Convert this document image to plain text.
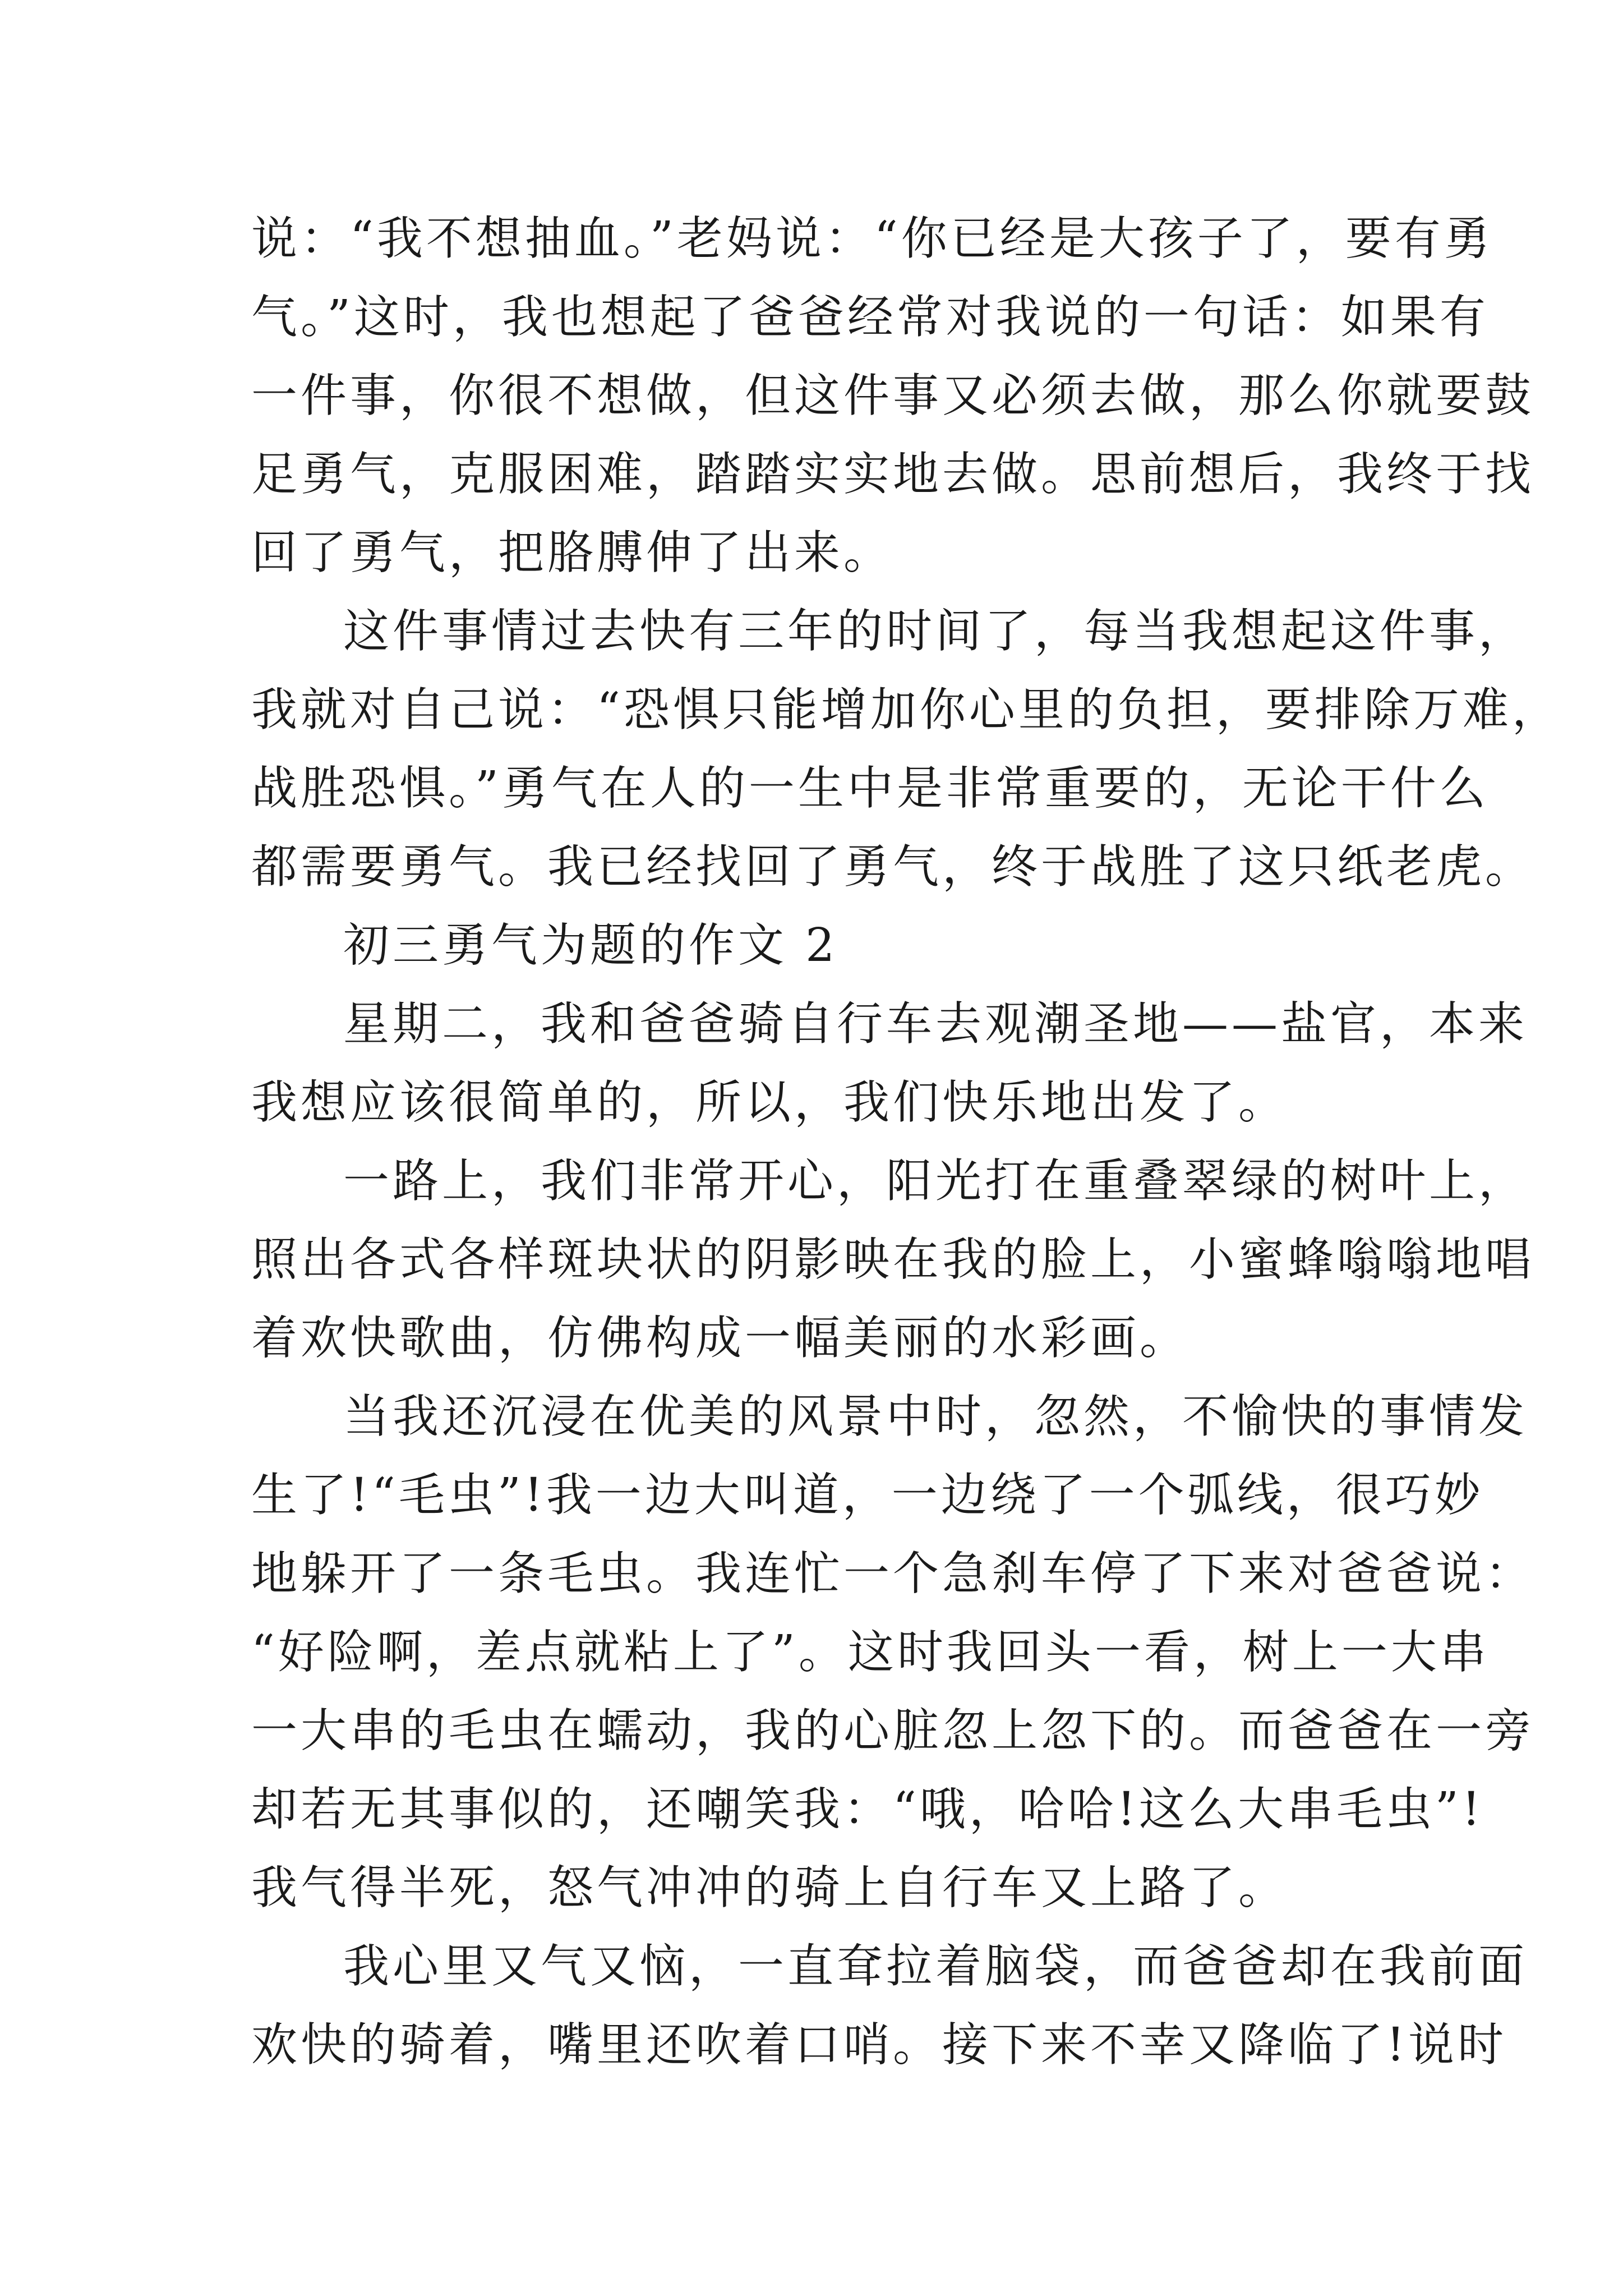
说：“我不想抽血。”老妈说：“你已经是大孩子了，要有勇
气。”这时，我也想起了爸爸经常对我说的一句话：如果有
一件事，你很不想做，但这件事又必须去做，那么你就要鼓
足勇气，克服困难，踏踏实实地去做。思前想后，我终于找
回了勇气，把胳膊伸了出来。
这件事情过去快有三年的时间了，每当我想起这件事，
我就对自己说：“恐惧只能增加你心里的负担，要排除万难，
战胜恐惧。”勇气在人的一生中是非常重要的，无论干什么
都需要勇气。我已经找回了勇气，终于战胜了这只纸老虎。
初三勇气为题的作文 2
星期二，我和爸爸骑自行车去观潮圣地——盐官，本来
我想应该很简单的，所以，我们快乐地出发了。
一路上，我们非常开心，阳光打在重叠翠绿的树叶上，
照出各式各样斑块状的阴影映在我的脸上，小蜜蜂嗡嗡地唱
着欢快歌曲，仿佛构成一幅美丽的水彩画。
当我还沉浸在优美的风景中时，忽然，不愉快的事情发
生了!“毛虫”!我一边大叫道，一边绕了一个弧线，很巧妙
地躲开了一条毛虫。我连忙一个急刹车停了下来对爸爸说：
“好险啊，差点就粘上了”。这时我回头一看，树上一大串
一大串的毛虫在蠕动，我的心脏忽上忽下的。而爸爸在一旁
却若无其事似的，还嘲笑我：“哦，哈哈!这么大串毛虫”!
我气得半死，怒气冲冲的骑上自行车又上路了。
我心里又气又恼，一直耷拉着脑袋，而爸爸却在我前面
欢快的骑着，嘴里还吹着口哨。接下来不幸又降临了!说时
